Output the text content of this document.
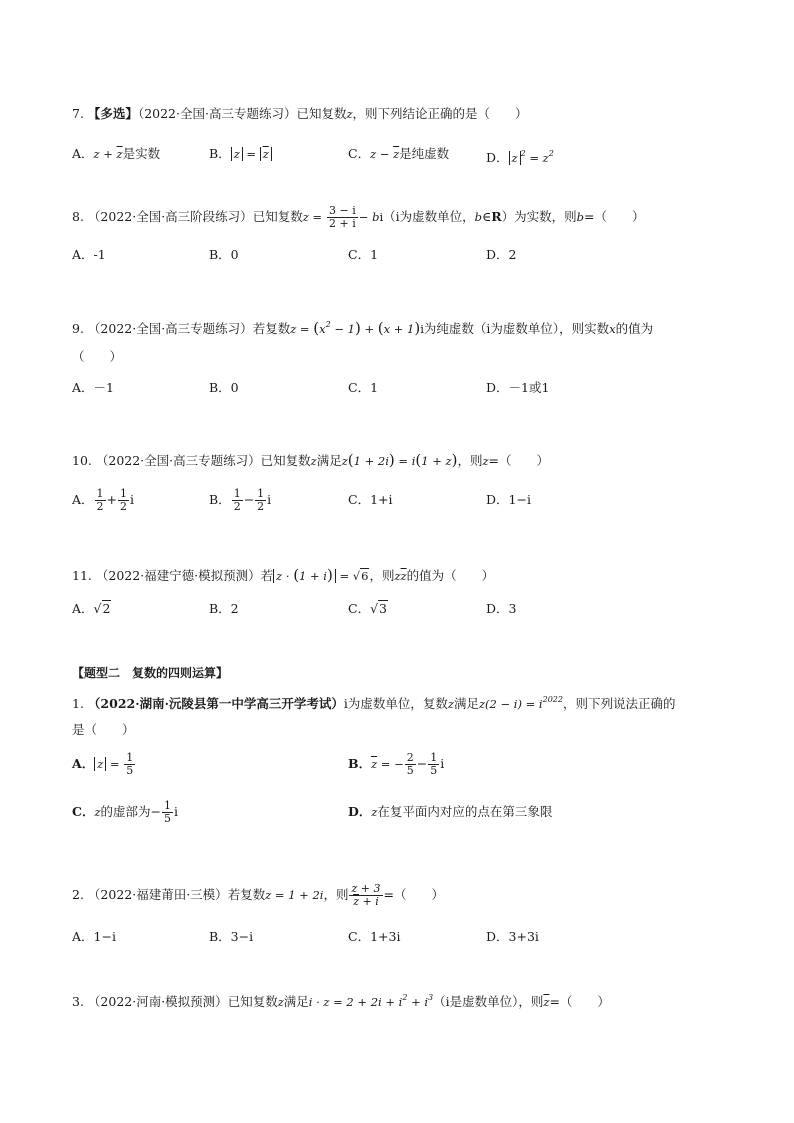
7. 【多选】（2022·全国·高三专题练习）已知复数z，则下列结论正确的是（　　）
A．$z + \overline{z}$是实数	B． $z = \overline{z}$	C．$z - \overline{z}$是纯虚数	D． z $^2 = z^2$
8. （2022·全国·高三阶段练习）已知复数$z = \frac{3 - i}{2 + i} - bi(i$为虚数单位，b∈R）为实数，则b=（　　）
A．-1	B．0	C．1	D．2
9. （2022·全国·高三专题练习）若复数$z = (x^2 - 1) + (x + 1)i$为纯虚数（i为虚数单位），则实数x的值为
（　　）
A．－1	B．0	C．1	D．－1或1
10. （2022·全国·高三专题练习）已知复数z满足z(1 + 2i) = i(1 + z)，则z=（　　）
A． $\frac{1}{2} + \frac{1}{2}$ i	B． $\frac{1}{2} - \frac{1}{2}$ i	C．1+i	D．1−i
11. （2022·福建宁德·模拟预测）若 z · (1 + i) = √6，则$z\overline{z}$的值为（　　）
A．√2	B．2	C．√3	D．3
【题型二　复数的四则运算】
1. （2022·湖南·沅陵县第一中学高三开学考试）i为虚数单位，复数z满足$z(2 - i) = i^{2022}$，则下列说法正确的
是（　　）
A． $z = \frac{1}{5}$	B．$\overline{z}$ = − $\frac{2}{5} - \frac{1}{5}$ i
C．z的虚部为− $\frac{1}{5}$ i	D．z在复平面内对应的点在第三象限
2. （2022·福建莆田·三模）若复数z = 1 + 2i，则 $\frac{z + 3}{\overline{z} + i}$ =（　　）
A．1−i	B．3−i	C．1+3i	D．3+3i
3. （2022·河南·模拟预测）已知复数z满足$i \cdot z = 2 + 2i + i^2 + i^3(i$是虚数单位），则$\overline{z}=$（　　）
